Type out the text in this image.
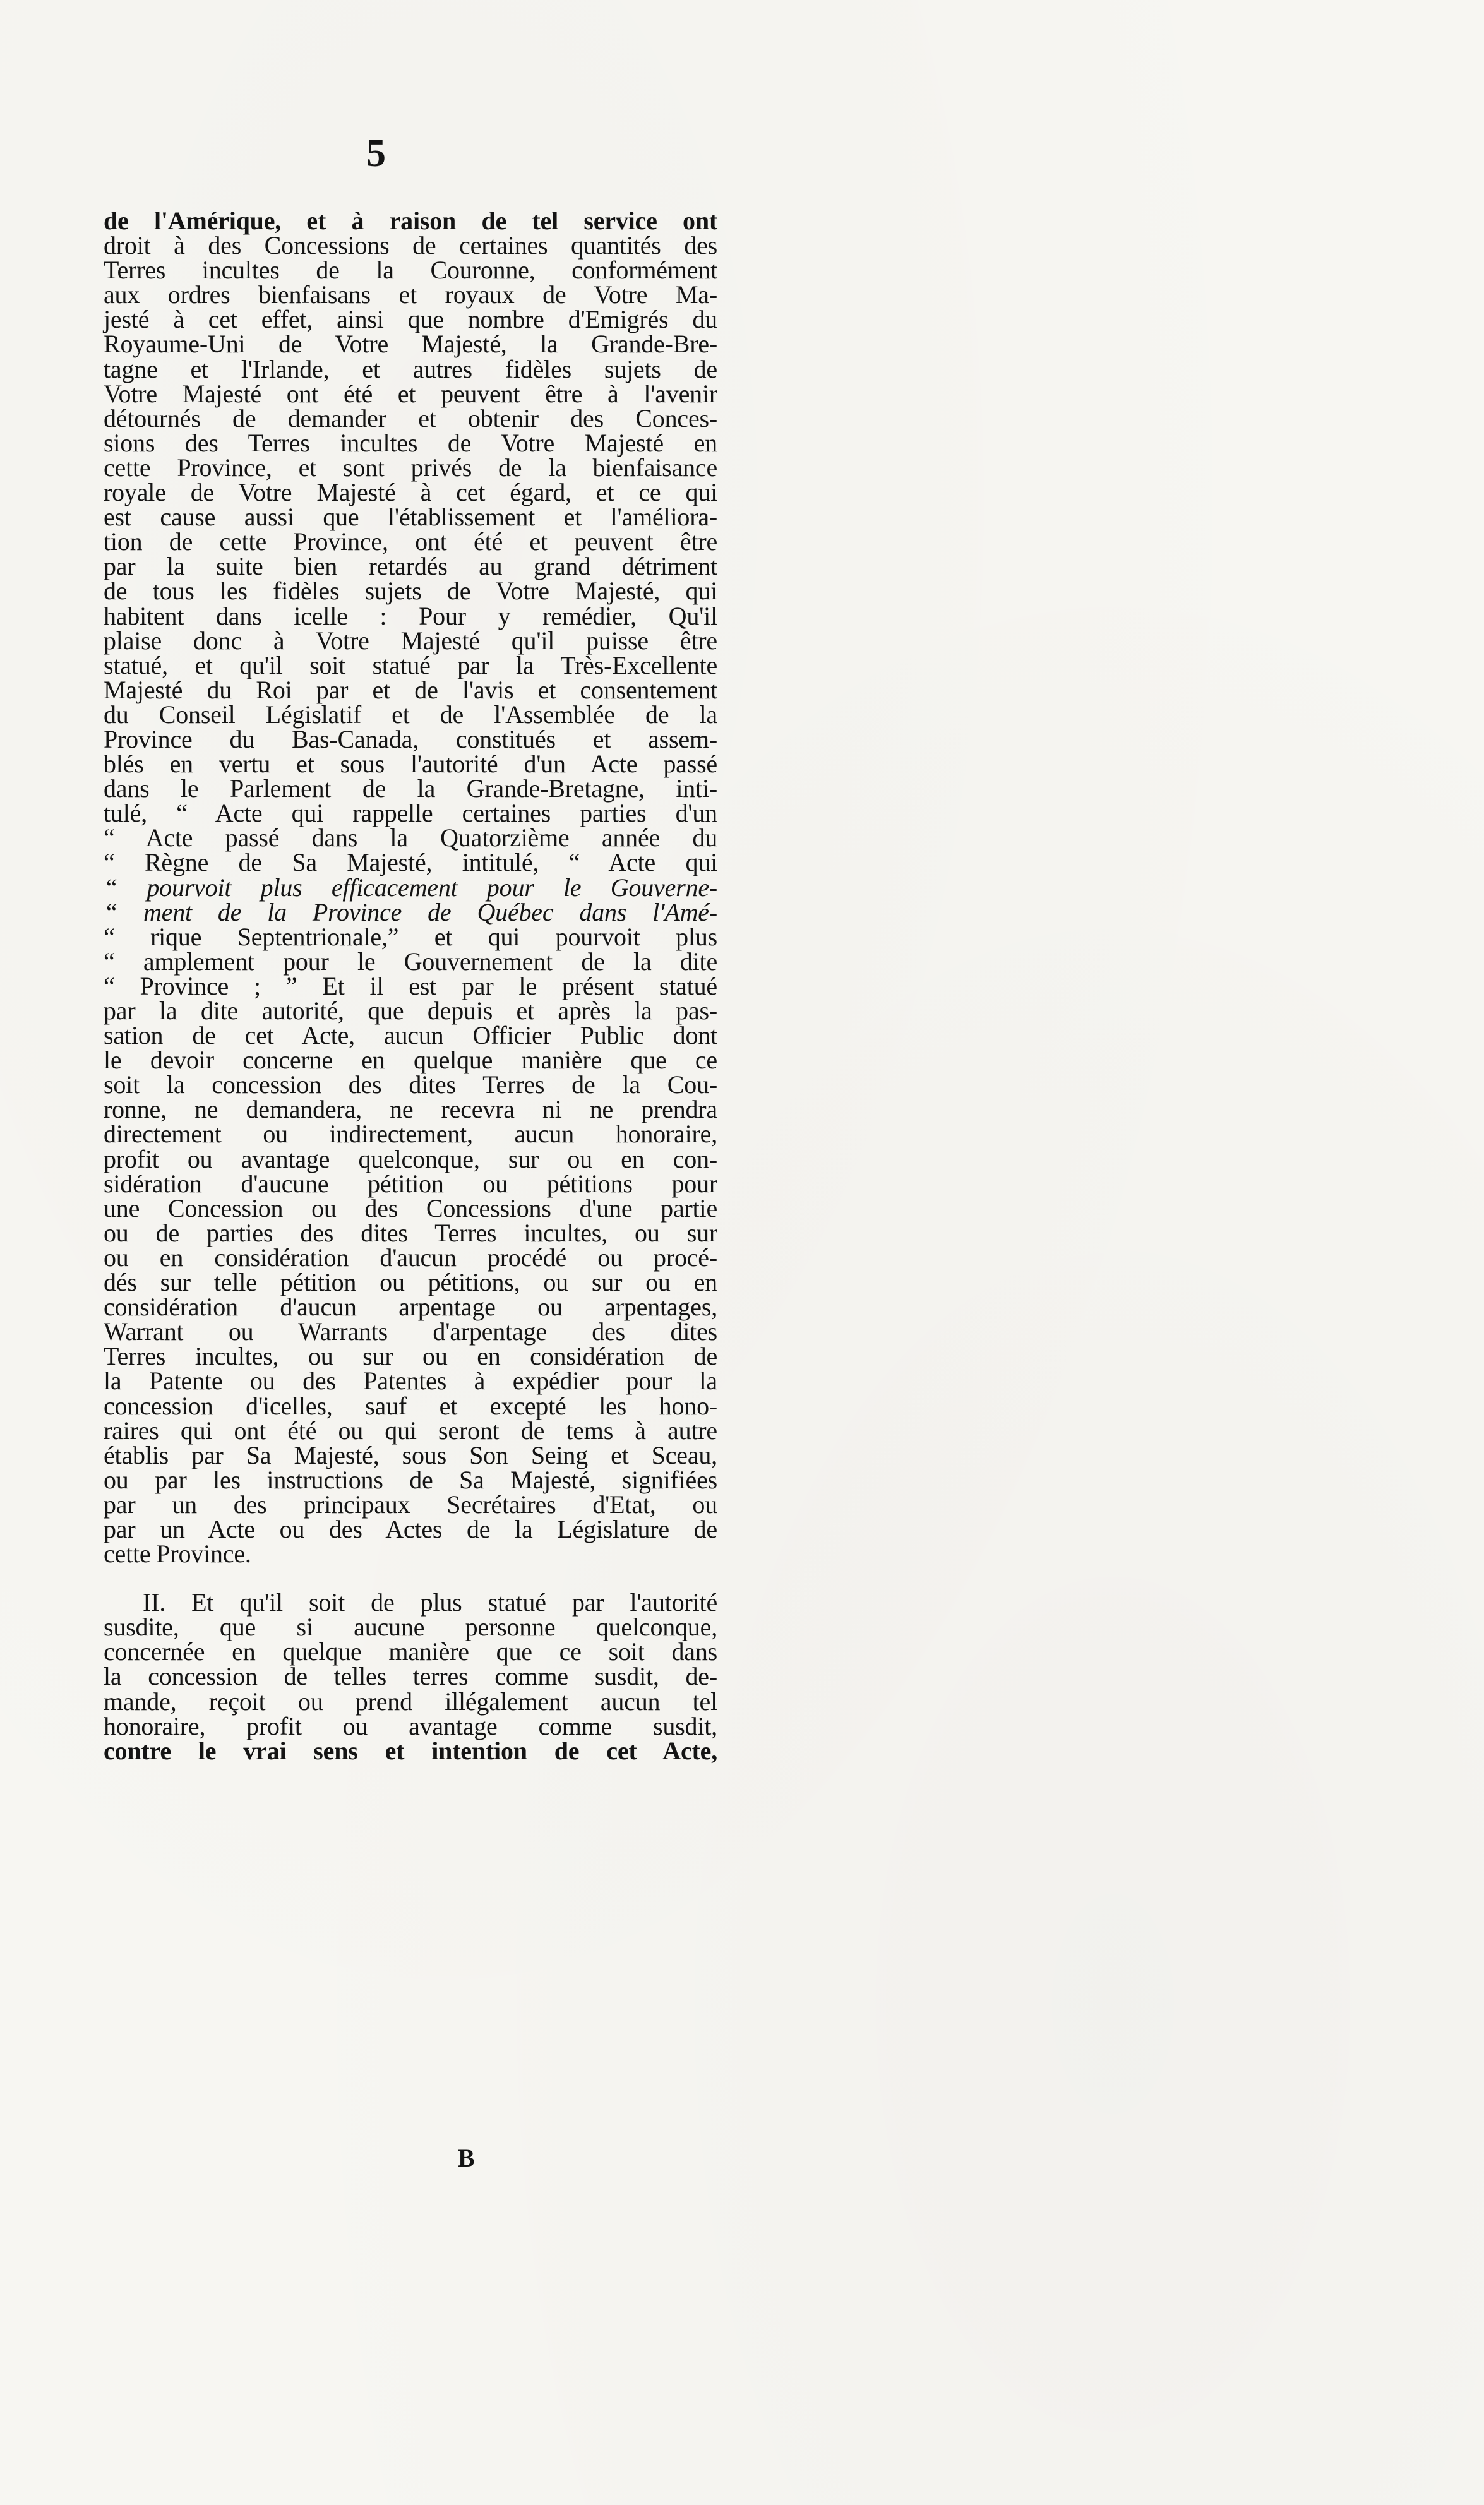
5
de l'Amérique, et à raison de tel service ont
droit à des Concessions de certaines quantités des
Terres incultes de la Couronne, conformément
aux ordres bienfaisans et royaux de Votre Ma-
jesté à cet effet, ainsi que nombre d'Emigrés du
Royaume-Uni de Votre Majesté, la Grande-Bre-
tagne et l'Irlande, et autres fidèles sujets de
Votre Majesté ont été et peuvent être à l'avenir
détournés de demander et obtenir des Conces-
sions des Terres incultes de Votre Majesté en
cette Province, et sont privés de la bienfaisance
royale de Votre Majesté à cet égard, et ce qui
est cause aussi que l'établissement et l'améliora-
tion de cette Province, ont été et peuvent être
par la suite bien retardés au grand détriment
de tous les fidèles sujets de Votre Majesté, qui
habitent dans icelle : Pour y remédier, Qu'il
plaise donc à Votre Majesté qu'il puisse être
statué, et qu'il soit statué par la Très-Excellente
Majesté du Roi par et de l'avis et consentement
du Conseil Législatif et de l'Assemblée de la
Province du Bas-Canada, constitués et assem-
blés en vertu et sous l'autorité d'un Acte passé
dans le Parlement de la Grande-Bretagne, inti-
tulé, “ Acte qui rappelle certaines parties d'un
“ Acte passé dans la Quatorzième année du
“ Règne de Sa Majesté, intitulé, “ Acte qui
“ pourvoit plus efficacement pour le Gouverne-
“ ment de la Province de Québec dans l'Amé-
“ rique Septentrionale,” et qui pourvoit plus
“ amplement pour le Gouvernement de la dite
“ Province ; ” Et il est par le présent statué
par la dite autorité, que depuis et après la pas-
sation de cet Acte, aucun Officier Public dont
le devoir concerne en quelque manière que ce
soit la concession des dites Terres de la Cou-
ronne, ne demandera, ne recevra ni ne prendra
directement ou indirectement, aucun honoraire,
profit ou avantage quelconque, sur ou en con-
sidération d'aucune pétition ou pétitions pour
une Concession ou des Concessions d'une partie
ou de parties des dites Terres incultes, ou sur
ou en considération d'aucun procédé ou procé-
dés sur telle pétition ou pétitions, ou sur ou en
considération d'aucun arpentage ou arpentages,
Warrant ou Warrants d'arpentage des dites
Terres incultes, ou sur ou en considération de
la Patente ou des Patentes à expédier pour la
concession d'icelles, sauf et excepté les hono-
raires qui ont été ou qui seront de tems à autre
établis par Sa Majesté, sous Son Seing et Sceau,
ou par les instructions de Sa Majesté, signifiées
par un des principaux Secrétaires d'Etat, ou
par un Acte ou des Actes de la Législature de
cette Province.
II. Et qu'il soit de plus statué par l'autorité
susdite, que si aucune personne quelconque,
concernée en quelque manière que ce soit dans
la concession de telles terres comme susdit, de-
mande, reçoit ou prend illégalement aucun tel
honoraire, profit ou avantage comme susdit,
contre le vrai sens et intention de cet Acte,
B
